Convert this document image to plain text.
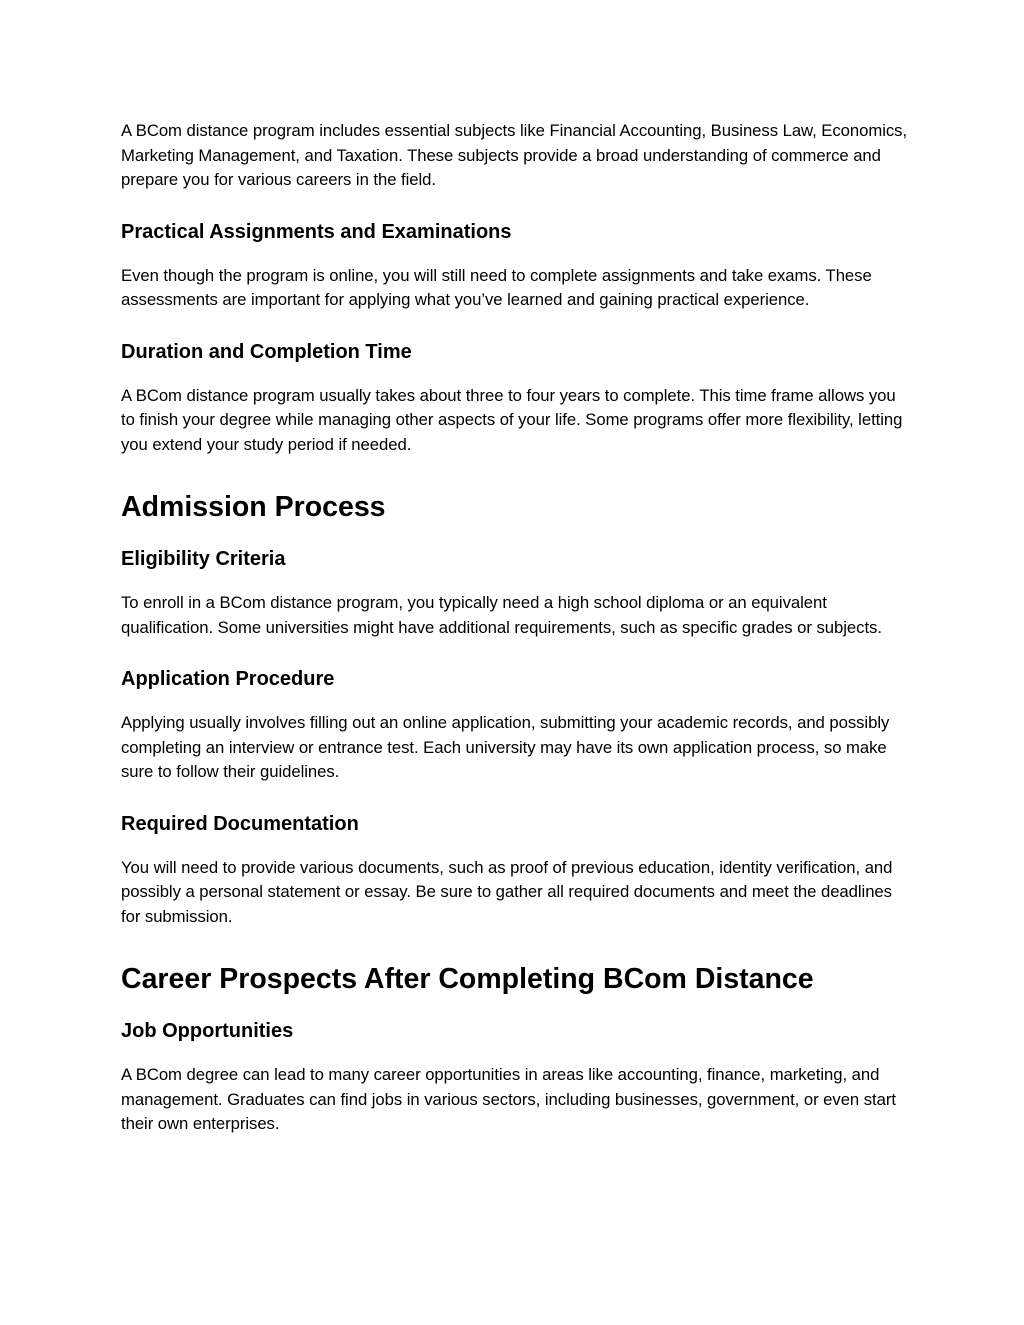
A BCom distance program includes essential subjects like Financial Accounting, Business Law, Economics, Marketing Management, and Taxation. These subjects provide a broad understanding of commerce and prepare you for various careers in the field.

Practical Assignments and Examinations

Even though the program is online, you will still need to complete assignments and take exams. These assessments are important for applying what you’ve learned and gaining practical experience.

Duration and Completion Time

A BCom distance program usually takes about three to four years to complete. This time frame allows you to finish your degree while managing other aspects of your life. Some programs offer more flexibility, letting you extend your study period if needed.

Admission Process
Eligibility Criteria

To enroll in a BCom distance program, you typically need a high school diploma or an equivalent qualification. Some universities might have additional requirements, such as specific grades or subjects.

Application Procedure

Applying usually involves filling out an online application, submitting your academic records, and possibly completing an interview or entrance test. Each university may have its own application process, so make sure to follow their guidelines.

Required Documentation

You will need to provide various documents, such as proof of previous education, identity verification, and possibly a personal statement or essay. Be sure to gather all required documents and meet the deadlines for submission.

Career Prospects After Completing BCom Distance
Job Opportunities

A BCom degree can lead to many career opportunities in areas like accounting, finance, marketing, and management. Graduates can find jobs in various sectors, including businesses, government, or even start their own enterprises.
